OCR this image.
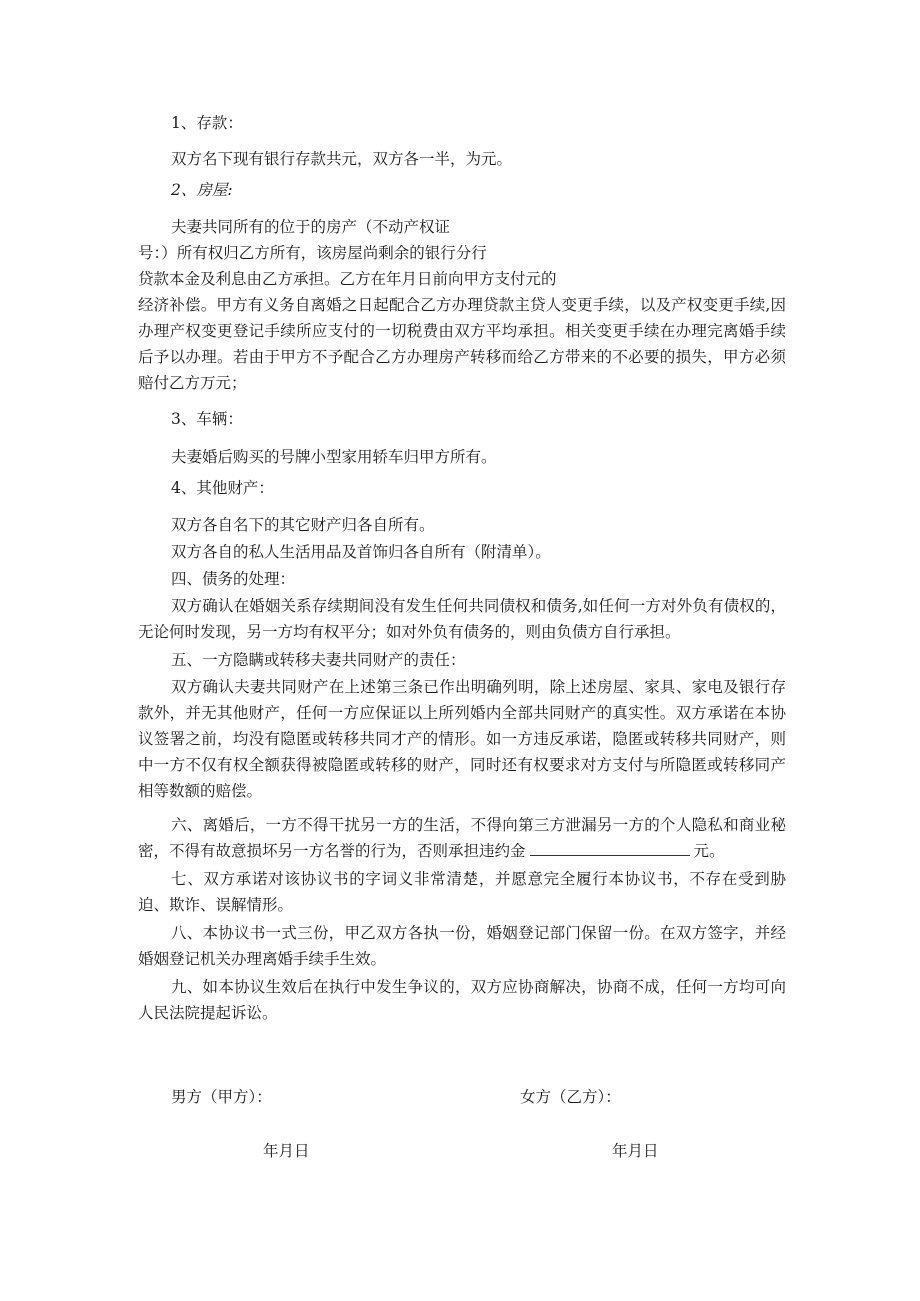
1、存款：

双方名下现有银行存款共元，双方各一半，为元。

2、房屋:

夫妻共同所有的位于的房产（不动产权证

号：）所有权归乙方所有，该房屋尚剩余的银行分行

贷款本金及利息由乙方承担。乙方在年月日前向甲方支付元的

经济补偿。甲方有义务自离婚之日起配合乙方办理贷款主贷人变更手续，以及产权变更手续,因办理产权变更登记手续所应支付的一切税费由双方平均承担。相关变更手续在办理完离婚手续后予以办理。若由于甲方不予配合乙方办理房产转移而给乙方带来的不必要的损失，甲方必须赔付乙方万元；

3、车辆：

夫妻婚后购买的号牌小型家用轿车归甲方所有。

4、其他财产：

双方各自名下的其它财产归各自所有。

双方各自的私人生活用品及首饰归各自所有（附清单）。

四、债务的处理：

双方确认在婚姻关系存续期间没有发生任何共同债权和债务,如任何一方对外负有债权的，无论何时发现，另一方均有权平分；如对外负有债务的，则由负债方自行承担。

五、一方隐瞒或转移夫妻共同财产的责任：

双方确认夫妻共同财产在上述第三条已作出明确列明，除上述房屋、家具、家电及银行存款外，并无其他财产，任何一方应保证以上所列婚内全部共同财产的真实性。双方承诺在本协议签署之前，均没有隐匿或转移共同才产的情形。如一方违反承诺，隐匿或转移共同财产，则中一方不仅有权全额获得被隐匿或转移的财产，同时还有权要求对方支付与所隐匿或转移同产相等数额的赔偿。

六、离婚后，一方不得干扰另一方的生活，不得向第三方泄漏另一方的个人隐私和商业秘密，不得有故意损坏另一方名誉的行为，否则承担违约金	元。

七、双方承诺对该协议书的字词义非常清楚，并愿意完全履行本协议书，不存在受到胁迫、欺诈、误解情形。

八、本协议书一式三份，甲乙双方各执一份，婚姻登记部门保留一份。在双方签字，并经婚姻登记机关办理离婚手续手生效。

九、如本协议生效后在执行中发生争议的，双方应协商解决，协商不成，任何一方均可向人民法院提起诉讼。

男方（甲方）：	女方（乙方）：

年月日	年月日
